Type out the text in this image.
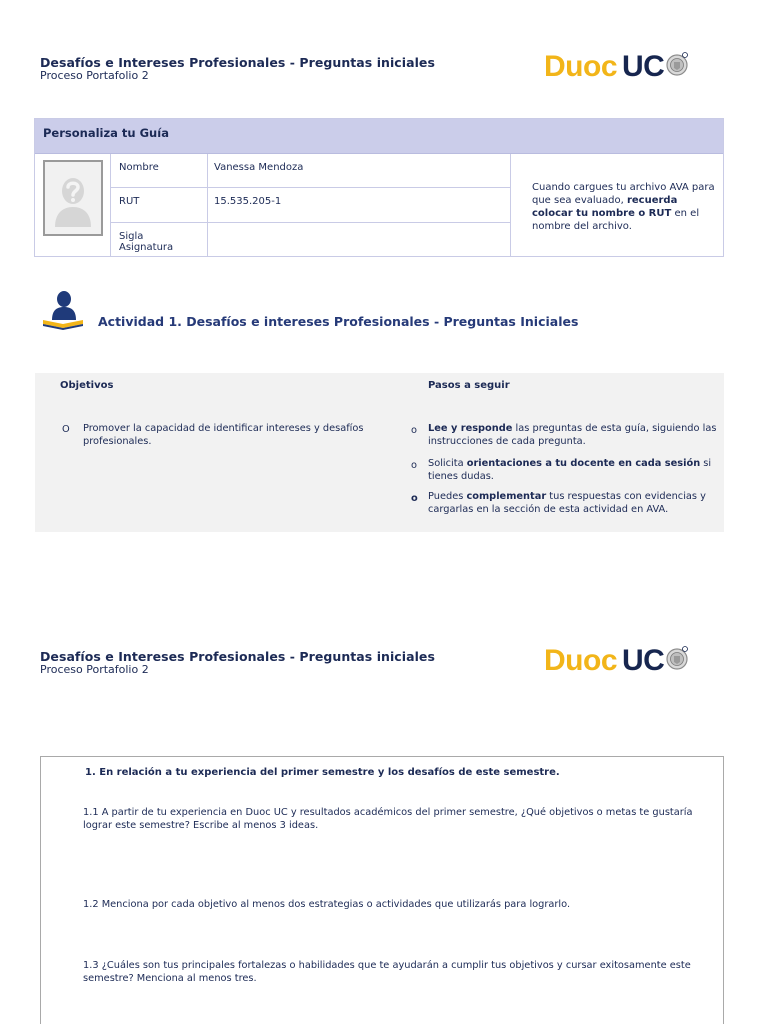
Desafíos e Intereses Profesionales - Preguntas iniciales
Proceso Portafolio 2	Duoc UC
Personaliza tu Guía
Nombre	Vanessa Mendoza
RUT	15.535.205-1
Sigla Asignatura
Cuando cargues tu archivo AVA para que sea evaluado, recuerda colocar tu nombre o RUT en el nombre del archivo.
Actividad 1. Desafíos e intereses Profesionales - Preguntas Iniciales
Objetivos	Pasos a seguir
O Promover la capacidad de identificar intereses y desafíos profesionales.
o Lee y responde las preguntas de esta guía, siguiendo las instrucciones de cada pregunta.
o Solicita orientaciones a tu docente en cada sesión si tienes dudas.
o Puedes complementar tus respuestas con evidencias y cargarlas en la sección de esta actividad en AVA.
Desafíos e Intereses Profesionales - Preguntas iniciales
Proceso Portafolio 2	Duoc UC
1. En relación a tu experiencia del primer semestre y los desafíos de este semestre.
1.1 A partir de tu experiencia en Duoc UC y resultados académicos del primer semestre, ¿Qué objetivos o metas te gustaría lograr este semestre? Escribe al menos 3 ideas.
1.2 Menciona por cada objetivo al menos dos estrategias o actividades que utilizarás para lograrlo.
1.3 ¿Cuáles son tus principales fortalezas o habilidades que te ayudarán a cumplir tus objetivos y cursar exitosamente este semestre? Menciona al menos tres.
